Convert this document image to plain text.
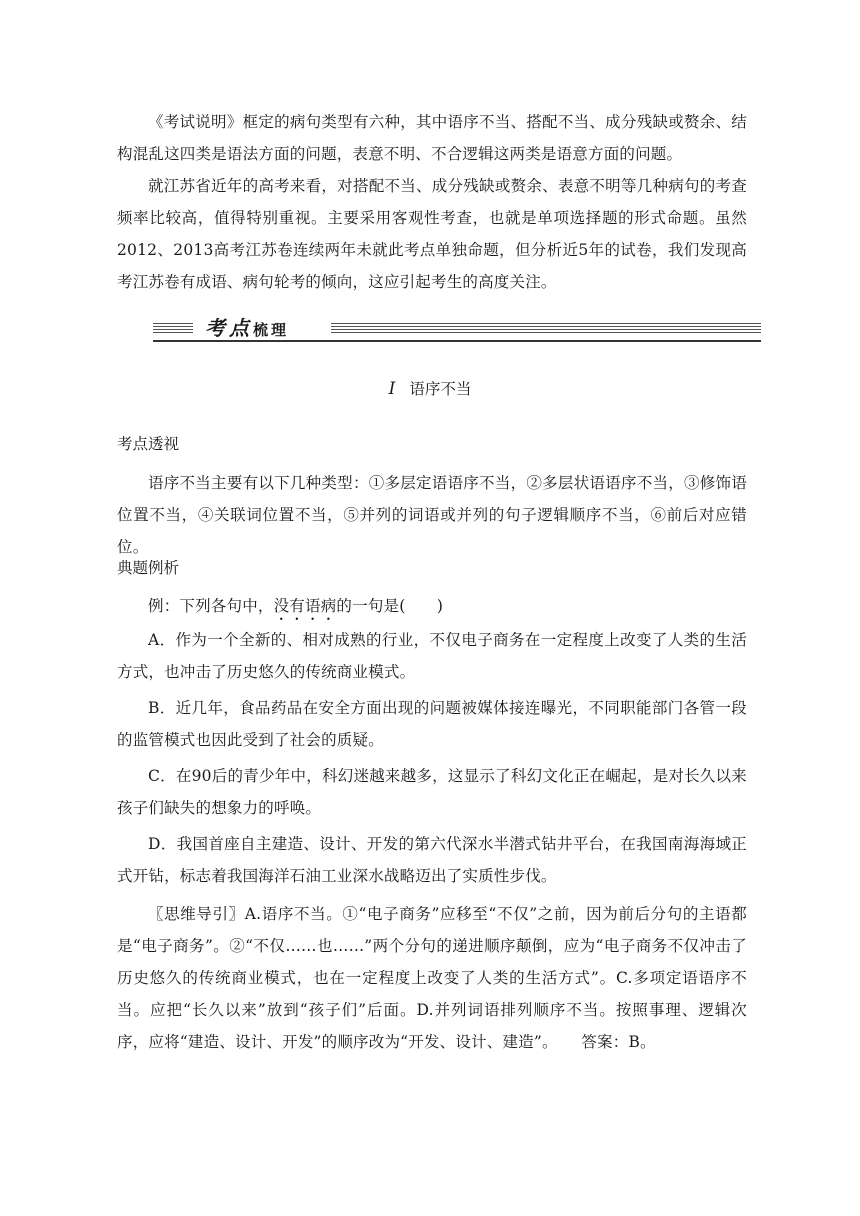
《考试说明》框定的病句类型有六种，其中语序不当、搭配不当、成分残缺或赘余、结构混乱这四类是语法方面的问题，表意不明、不合逻辑这两类是语意方面的问题。

就江苏省近年的高考来看，对搭配不当、成分残缺或赘余、表意不明等几种病句的考查频率比较高，值得特别重视。主要采用客观性考查，也就是单项选择题的形式命题。虽然2012、2013高考江苏卷连续两年未就此考点单独命题，但分析近5年的试卷，我们发现高考江苏卷有成语、病句轮考的倾向，这应引起考生的高度关注。

考点梳理
I 语序不当

考点透视

语序不当主要有以下几种类型：①多层定语语序不当，②多层状语语序不当，③修饰语位置不当，④关联词位置不当，⑤并列的词语或并列的句子逻辑顺序不当，⑥前后对应错位。

典题例析

例：下列各句中，没有语病的一句是(　　)

A．作为一个全新的、相对成熟的行业，不仅电子商务在一定程度上改变了人类的生活方式，也冲击了历史悠久的传统商业模式。

B．近几年，食品药品在安全方面出现的问题被媒体接连曝光，不同职能部门各管一段的监管模式也因此受到了社会的质疑。

C．在90后的青少年中，科幻迷越来越多，这显示了科幻文化正在崛起，是对长久以来孩子们缺失的想象力的呼唤。

D．我国首座自主建造、设计、开发的第六代深水半潜式钻井平台，在我国南海海域正式开钻，标志着我国海洋石油工业深水战略迈出了实质性步伐。

〖思维导引〗A.语序不当。①“电子商务”应移至“不仅”之前，因为前后分句的主语都是“电子商务”。②“不仅……也……”两个分句的递进顺序颠倒，应为“电子商务不仅冲击了历史悠久的传统商业模式，也在一定程度上改变了人类的生活方式”。C.多项定语语序不当。应把“长久以来”放到“孩子们”后面。D.并列词语排列顺序不当。按照事理、逻辑次序，应将“建造、设计、开发”的顺序改为“开发、设计、建造”。　　 答案：B。
